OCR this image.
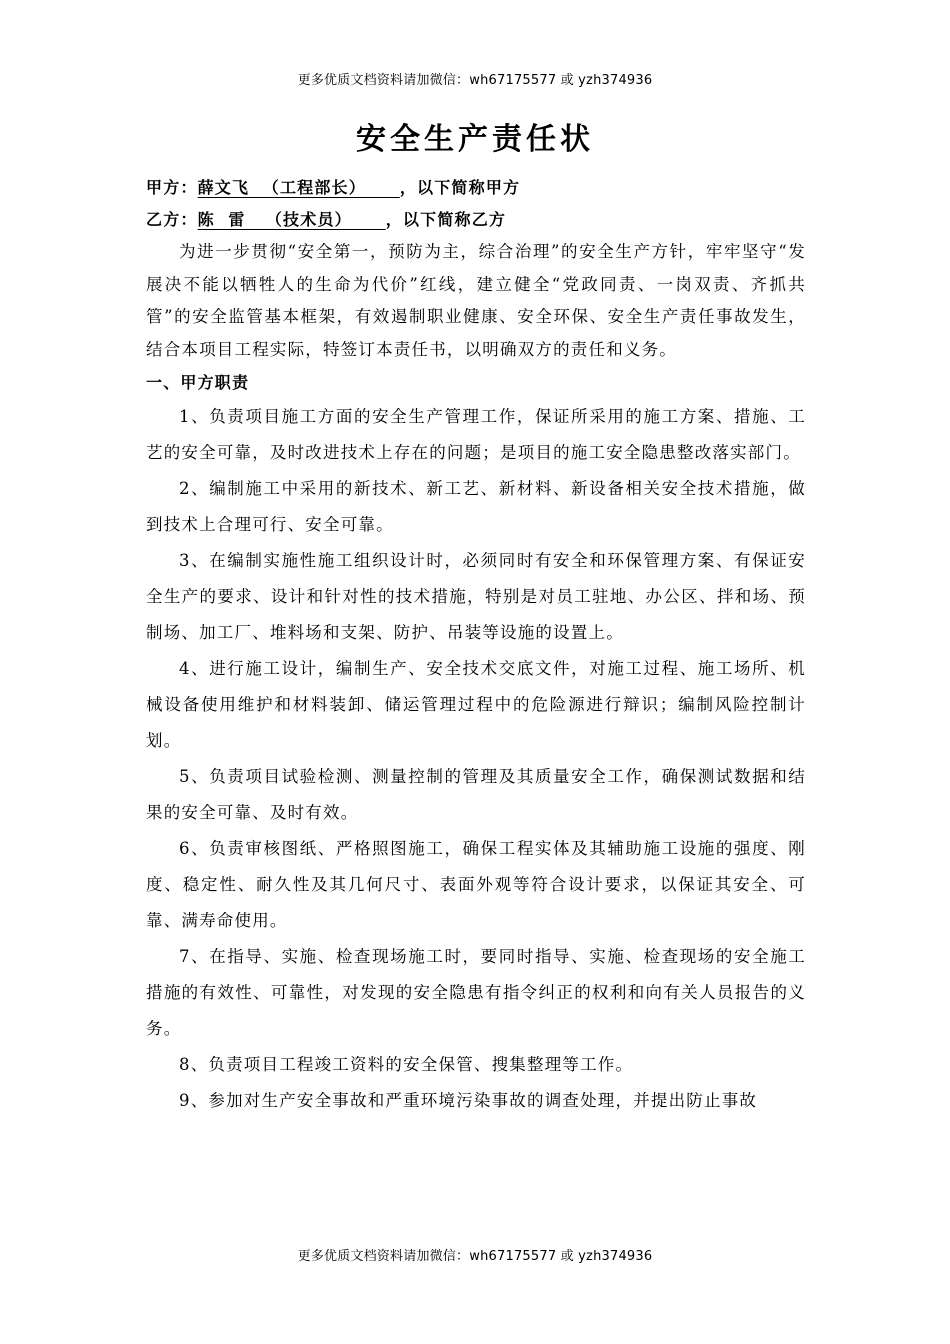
更多优质文档资料请加微信：wh67175577 或 yzh374936
安全生产责任状
甲方：薛文飞  （工程部长）     ，以下简称甲方
乙方：陈  雷   （技术员）     ，以下简称乙方

为进一步贯彻“安全第一，预防为主，综合治理”的安全生产方针，牢牢坚守“发展决不能以牺牲人的生命为代价”红线，建立健全“党政同责、一岗双责、齐抓共管”的安全监管基本框架，有效遏制职业健康、安全环保、安全生产责任事故发生，结合本项目工程实际，特签订本责任书，以明确双方的责任和义务。

一、甲方职责
1、负责项目施工方面的安全生产管理工作，保证所采用的施工方案、措施、工艺的安全可靠，及时改进技术上存在的问题；是项目的施工安全隐患整改落实部门。
2、编制施工中采用的新技术、新工艺、新材料、新设备相关安全技术措施，做到技术上合理可行、安全可靠。
3、在编制实施性施工组织设计时，必须同时有安全和环保管理方案、有保证安全生产的要求、设计和针对性的技术措施，特别是对员工驻地、办公区、拌和场、预制场、加工厂、堆料场和支架、防护、吊装等设施的设置上。
4、进行施工设计，编制生产、安全技术交底文件，对施工过程、施工场所、机械设备使用维护和材料装卸、储运管理过程中的危险源进行辩识；编制风险控制计划。
5、负责项目试验检测、测量控制的管理及其质量安全工作，确保测试数据和结果的安全可靠、及时有效。
6、负责审核图纸、严格照图施工，确保工程实体及其辅助施工设施的强度、刚度、稳定性、耐久性及其几何尺寸、表面外观等符合设计要求，以保证其安全、可靠、满寿命使用。
7、在指导、实施、检查现场施工时，要同时指导、实施、检查现场的安全施工措施的有效性、可靠性，对发现的安全隐患有指令纠正的权利和向有关人员报告的义务。
8、负责项目工程竣工资料的安全保管、搜集整理等工作。
9、参加对生产安全事故和严重环境污染事故的调查处理，并提出防止事故
更多优质文档资料请加微信：wh67175577 或 yzh374936
